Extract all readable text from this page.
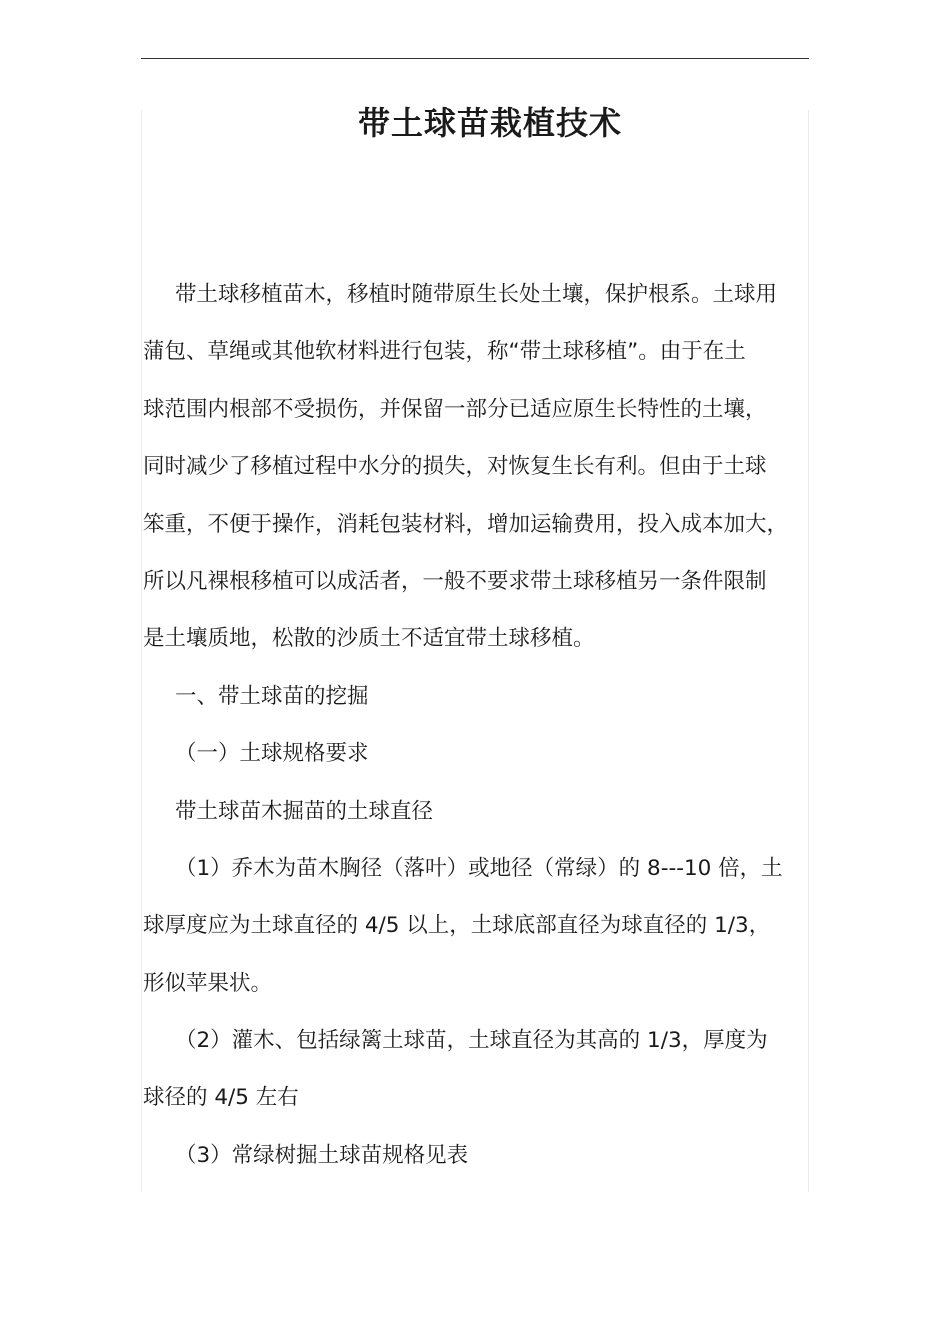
带土球苗栽植技术

带土球移植苗木，移植时随带原生长处土壤，保护根系。土球用

蒲包、草绳或其他软材料进行包装，称“带土球移植”。由于在土

球范围内根部不受损伤，并保留一部分已适应原生长特性的土壤，

同时减少了移植过程中水分的损失，对恢复生长有利。但由于土球

笨重，不便于操作，消耗包装材料，增加运输费用，投入成本加大，

所以凡裸根移植可以成活者，一般不要求带土球移植另一条件限制

是土壤质地，松散的沙质土不适宜带土球移植。

一、带土球苗的挖掘

（一）土球规格要求

带土球苗木掘苗的土球直径

（1）乔木为苗木胸径（落叶）或地径（常绿）的 8---10 倍，土

球厚度应为土球直径的 4/5 以上，土球底部直径为球直径的 1/3，

形似苹果状。

（2）灌木、包括绿篱土球苗，土球直径为其高的 1/3，厚度为

球径的 4/5 左右

（3）常绿树掘土球苗规格见表
